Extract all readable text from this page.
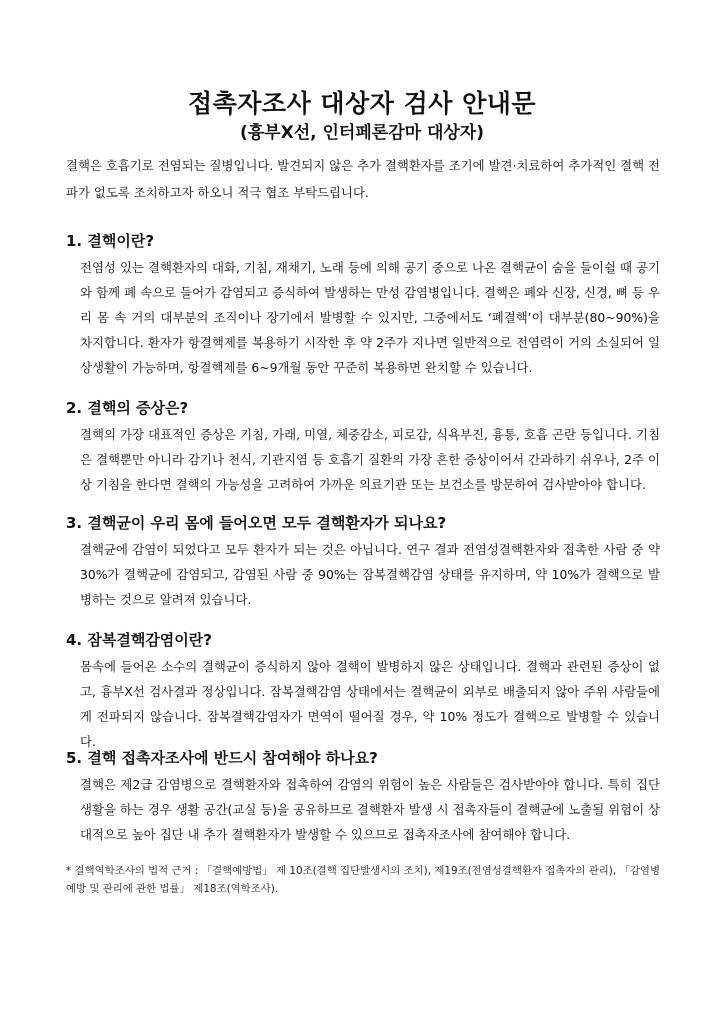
접촉자조사 대상자 검사 안내문
(흉부X선, 인터페론감마 대상자)
결핵은 호흡기로 전염되는 질병입니다. 발견되지 않은 추가 결핵환자를 조기에 발견·치료하여 추가적인 결핵 전파가 없도록 조치하고자 하오니 적극 협조 부탁드립니다.
1. 결핵이란?
전염성 있는 결핵환자의 대화, 기침, 재채기, 노래 등에 의해 공기 중으로 나온 결핵균이 숨을 들이쉴 때 공기와 함께 폐 속으로 들어가 감염되고 증식하여 발생하는 만성 감염병입니다. 결핵은 폐와 신장, 신경, 뼈 등 우리 몸 속 거의 대부분의 조직이나 장기에서 발병할 수 있지만, 그중에서도 ‘폐결핵’이 대부분(80~90%)을 차지합니다. 환자가 항결핵제를 복용하기 시작한 후 약 2주가 지나면 일반적으로 전염력이 거의 소실되어 일상생활이 가능하며, 항결핵제를 6~9개월 동안 꾸준히 복용하면 완치할 수 있습니다.
2. 결핵의 증상은?
결핵의 가장 대표적인 증상은 기침, 가래, 미열, 체중감소, 피로감, 식욕부진, 흉통, 호흡 곤란 등입니다. 기침은 결핵뿐만 아니라 감기나 천식, 기관지염 등 호흡기 질환의 가장 흔한 증상이어서 간과하기 쉬우나, 2주 이상 기침을 한다면 결핵의 가능성을 고려하여 가까운 의료기관 또는 보건소를 방문하여 검사받아야 합니다.
3. 결핵균이 우리 몸에 들어오면 모두 결핵환자가 되나요?
결핵균에 감염이 되었다고 모두 환자가 되는 것은 아닙니다. 연구 결과 전염성결핵환자와 접촉한 사람 중 약 30%가 결핵균에 감염되고, 감염된 사람 중 90%는 잠복결핵감염 상태를 유지하며, 약 10%가 결핵으로 발병하는 것으로 알려져 있습니다.
4. 잠복결핵감염이란?
몸속에 들어온 소수의 결핵균이 증식하지 않아 결핵이 발병하지 않은 상태입니다. 결핵과 관련된 증상이 없고, 흉부X선 검사결과 정상입니다. 잠복결핵감염 상태에서는 결핵균이 외부로 배출되지 않아 주위 사람들에게 전파되지 않습니다. 잠복결핵감염자가 면역이 떨어질 경우, 약 10% 정도가 결핵으로 발병할 수 있습니다.
5. 결핵 접촉자조사에 반드시 참여해야 하나요?
결핵은 제2급 감염병으로 결핵환자와 접촉하여 감염의 위험이 높은 사람들은 검사받아야 합니다. 특히 집단생활을 하는 경우 생활 공간(교실 등)을 공유하므로 결핵환자 발생 시 접촉자들이 결핵균에 노출될 위험이 상대적으로 높아 집단 내 추가 결핵환자가 발생할 수 있으므로 접촉자조사에 참여해야 합니다.
* 결핵역학조사의 법적 근거 : 「결핵예방법」 제 10조(결핵 집단발생시의 조치), 제19조(전염성결핵환자 접촉자의 관리), 「감염병 예방 및 관리에 관한 법률」 제18조(역학조사).
